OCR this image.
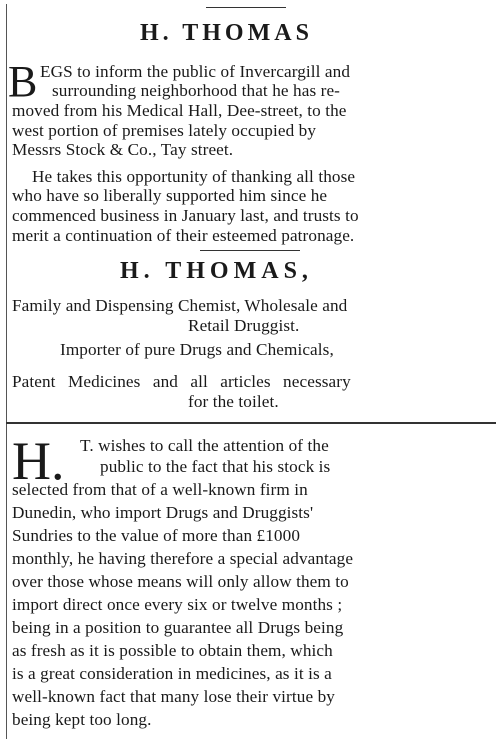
H. THOMAS
B EGS to inform the public of Invercargill and
surrounding neighborhood that he has re-
moved from his Medical Hall, Dee-street, to the
west portion of premises lately occupied by
Messrs Stock & Co., Tay street.
He takes this opportunity of thanking all those
who have so liberally supported him since he
commenced business in January last, and trusts to
merit a continuation of their esteemed patronage.
H. THOMAS,
Family and Dispensing Chemist, Wholesale and
Retail Druggist.
Importer of pure Drugs and Chemicals,
Patent Medicines and all articles necessary
for the toilet.
H. T. wishes to call the attention of the
public to the fact that his stock is
selected from that of a well-known firm in
Dunedin, who import Drugs and Druggists'
Sundries to the value of more than £1000
monthly, he having therefore a special advantage
over those whose means will only allow them to
import direct once every six or twelve months ;
being in a position to guarantee all Drugs being
as fresh as it is possible to obtain them, which
is a great consideration in medicines, as it is a
well-known fact that many lose their virtue by
being kept too long.
